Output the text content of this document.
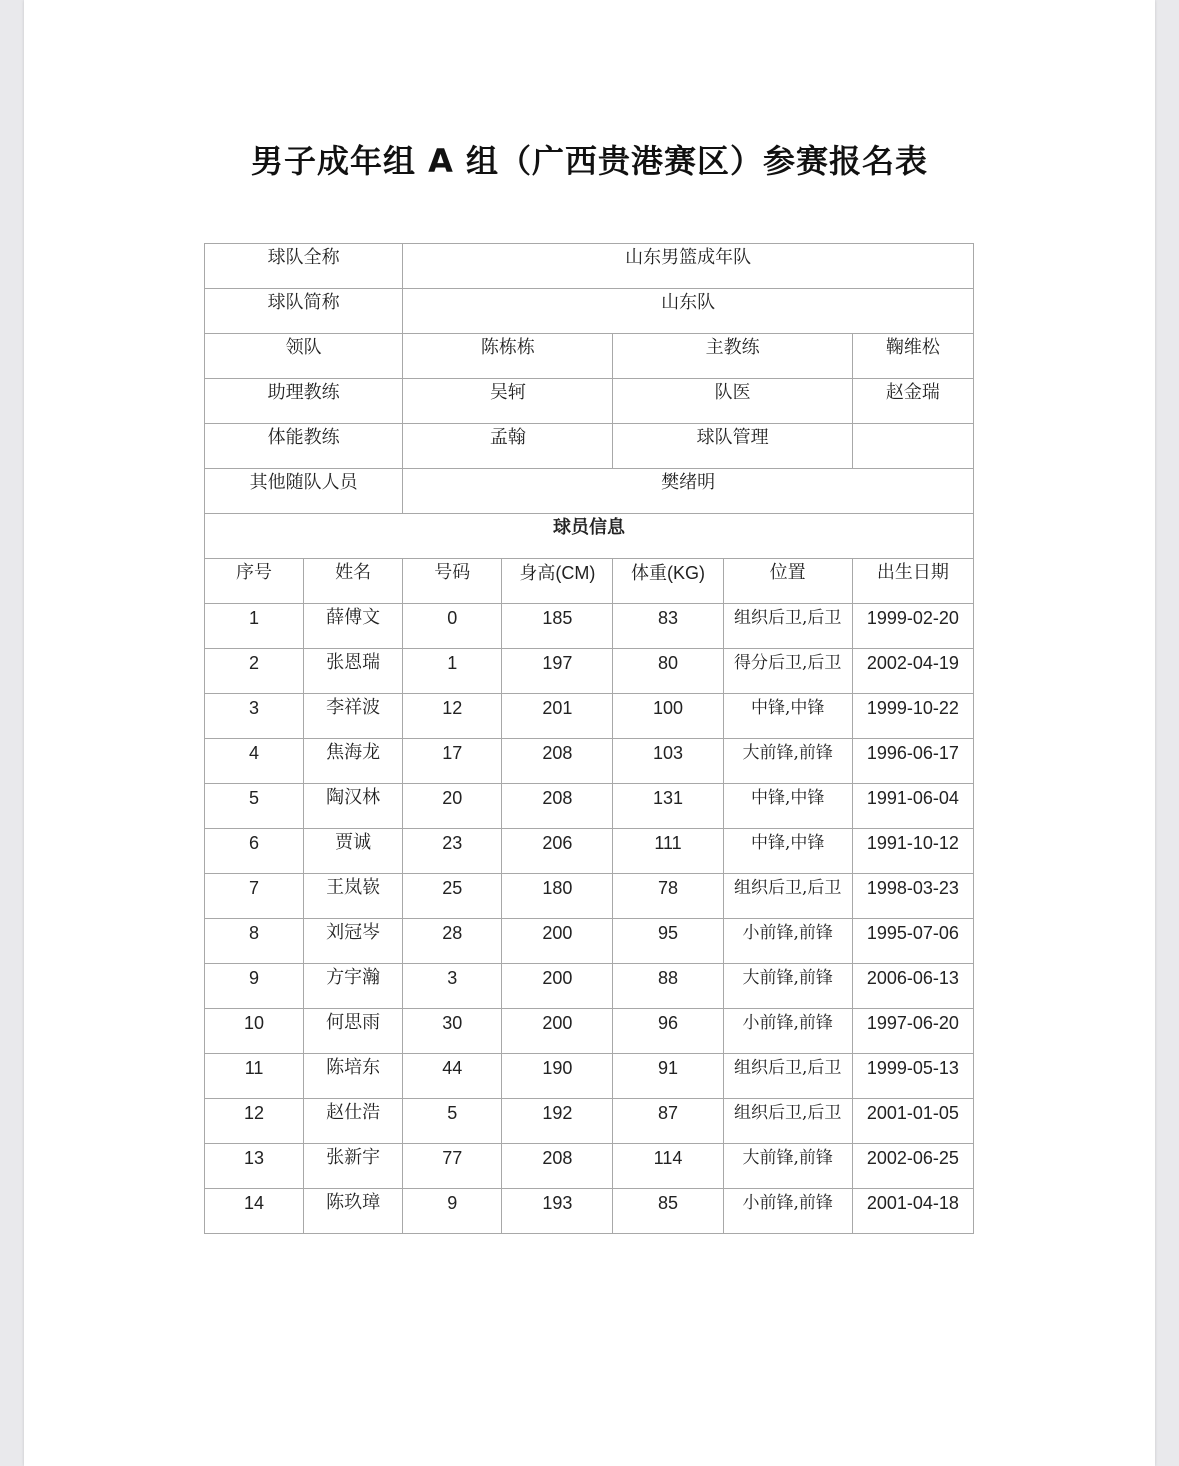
男子成年组 A 组（广西贵港赛区）参赛报名表
球队全称		山东男篮成年队				
球队简称		山东队				
领队		陈栋栋		主教练		鞠维松
助理教练		吴轲		队医		赵金瑞
体能教练		孟翰		球队管理		
其他随队人员		樊绪明				
球员信息						
序号	姓名	号码	身高(CM)	体重(KG)	位置	出生日期
1	薛傅文	0	185	83	组织后卫,后卫	1999-02-20
2	张恩瑞	1	197	80	得分后卫,后卫	2002-04-19
3	李祥波	12	201	100	中锋,中锋	1999-10-22
4	焦海龙	17	208	103	大前锋,前锋	1996-06-17
5	陶汉林	20	208	131	中锋,中锋	1991-06-04
6	贾诚	23	206	111	中锋,中锋	1991-10-12
7	王岚嵚	25	180	78	组织后卫,后卫	1998-03-23
8	刘冠岑	28	200	95	小前锋,前锋	1995-07-06
9	方宇瀚	3	200	88	大前锋,前锋	2006-06-13
10	何思雨	30	200	96	小前锋,前锋	1997-06-20
11	陈培东	44	190	91	组织后卫,后卫	1999-05-13
12	赵仕浩	5	192	87	组织后卫,后卫	2001-01-05
13	张新宇	77	208	114	大前锋,前锋	2002-06-25
14	陈玖璋	9	193	85	小前锋,前锋	2001-04-18
